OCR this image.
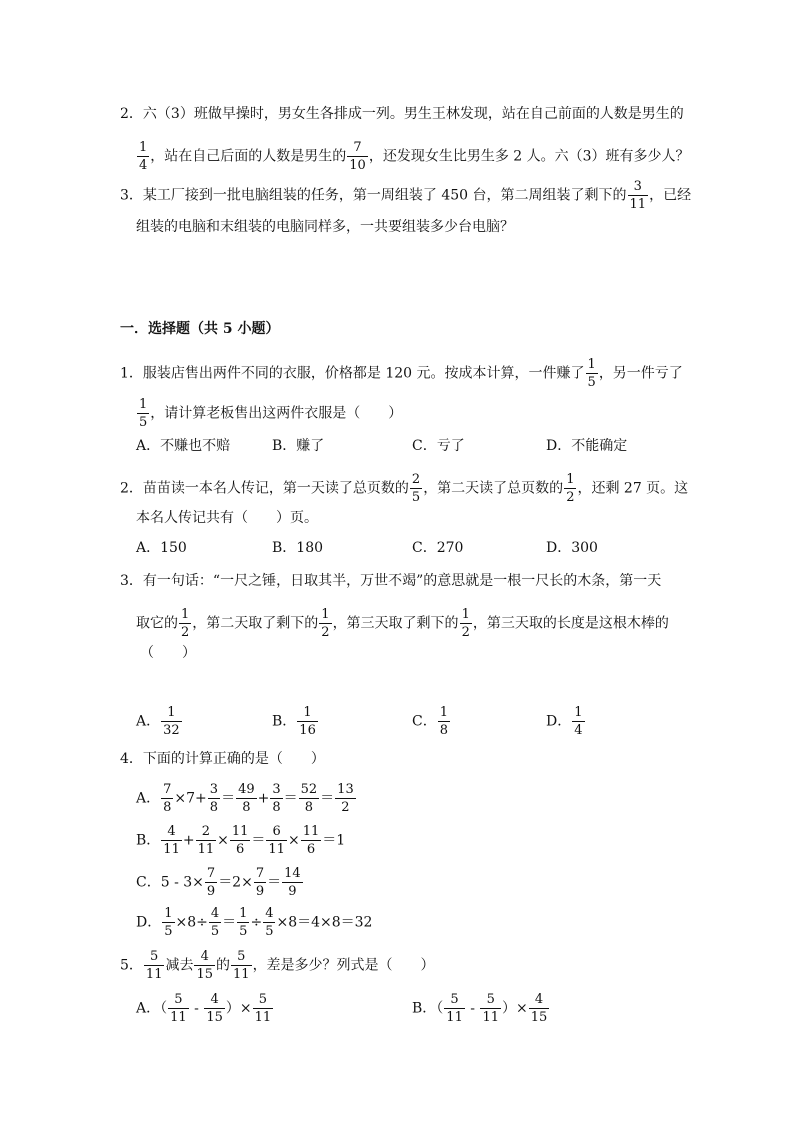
2．六（3）班做早操时，男女生各排成一列。男生王林发现，站在自己前面的人数是男生的
$\frac{1}{4}$ ，站在自己后面的人数是男生的 $\frac{7}{10}$ ，还发现女生比男生多 2 人。六（3）班有多少人？
3．某工厂接到一批电脑组装的任务，第一周组装了 450 台，第二周组装了剩下的 $\frac{3}{11}$ ，已经
组装的电脑和末组装的电脑同样多，一共要组装多少台电脑？
一．选择题（共 5 小题）
1．服装店售出两件不同的衣服，价格都是 120 元。按成本计算，一件赚了 $\frac{1}{5}$ ，另一件亏了
$\frac{1}{5}$ ，请计算老板售出这两件衣服是（　　）
A．不赚也不赔	B．赚了	C．亏了	D．不能确定
2．苗苗读一本名人传记，第一天读了总页数的 $\frac{2}{5}$ ，第二天读了总页数的 $\frac{1}{2}$ ，还剩 27 页。这
本名人传记共有（　　）页。
A．150	B．180	C．270	D．300
3．有一句话：“一尺之锤，日取其半，万世不竭”的意思就是一根一尺长的木条，第一天
取它的 $\frac{1}{2}$ ，第二天取了剩下的 $\frac{1}{2}$ ，第三天取了剩下的 $\frac{1}{2}$ ，第三天取的长度是这根木棒的
（　　）
A． $\frac{1}{32}$	B． $\frac{1}{16}$	C． $\frac{1}{8}$	D． $\frac{1}{4}$
4．下面的计算正确的是（　　）
A． $\frac{7}{8} \times 7+ \frac{3}{8} = \frac{49}{8} + \frac{3}{8} = \frac{52}{8} = \frac{13}{2}$
B． $\frac{4}{11} + \frac{2}{11} \times \frac{11}{6} = \frac{6}{11} \times \frac{11}{6} =1$
C．$5 - 3\times \frac{7}{9} =2\times \frac{7}{9} = \frac{14}{9}$
D． $\frac{1}{5} \times 8\div \frac{4}{5} = \frac{1}{5} \div \frac{4}{5} \times 8=4\times 8=32$
5． $\frac{5}{11}$ 减去 $\frac{4}{15}$ 的 $\frac{5}{11}$ ，差是多少？列式是（　　）
A．（ $\frac{5}{11} - \frac{4}{15}$ ）× $\frac{5}{11}$	B．（ $\frac{5}{11} - \frac{5}{11}$ ）× $\frac{4}{15}$
